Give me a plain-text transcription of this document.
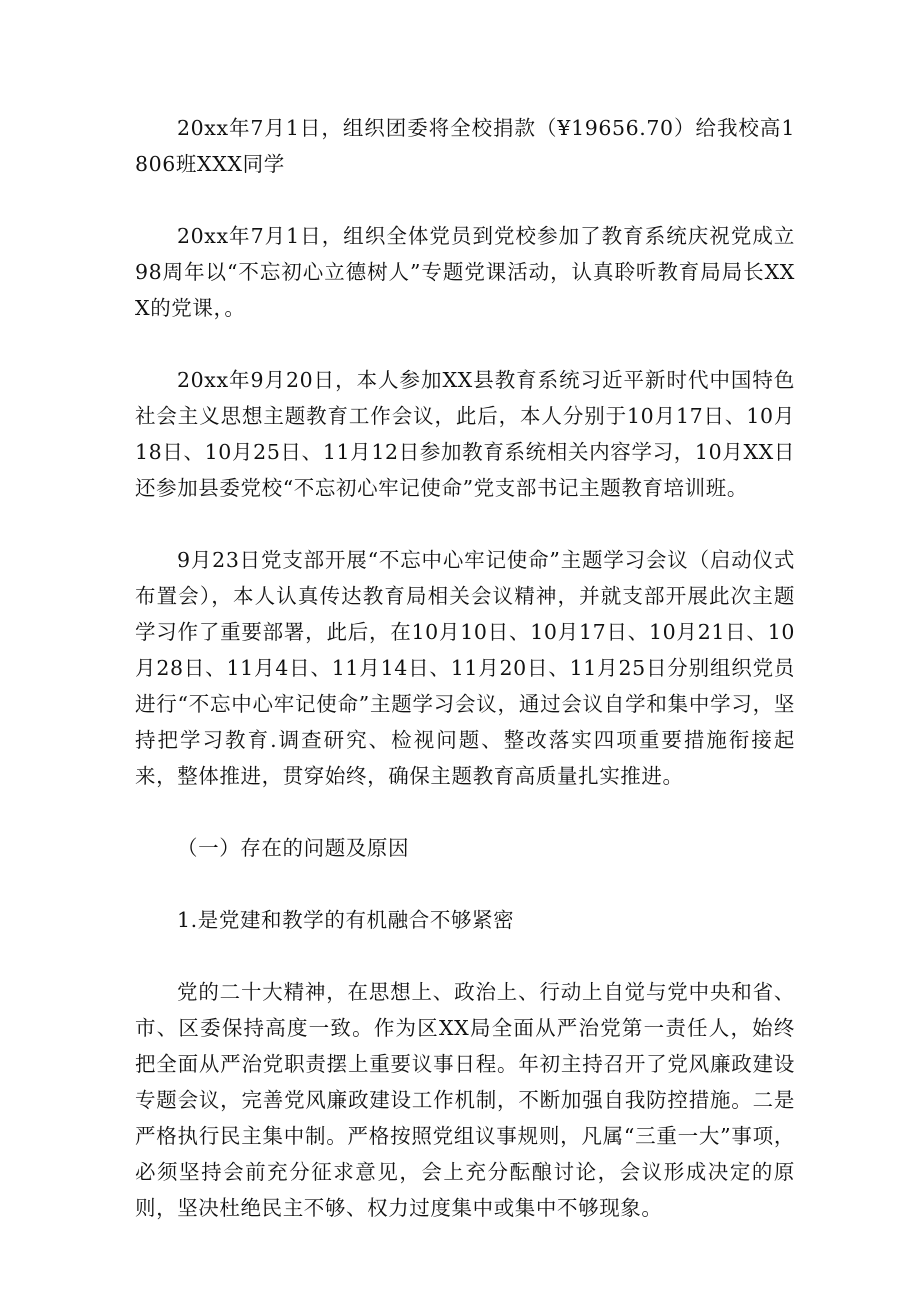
20xx年7月1日，组织团委将全校捐款（¥19656.70）给我校高1806班XXX同学

20xx年7月1日，组织全体党员到党校参加了教育系统庆祝党成立98周年以“不忘初心立德树人”专题党课活动，认真聆听教育局局长XXX的党课，。

20xx年9月20日，本人参加XX县教育系统习近平新时代中国特色社会主义思想主题教育工作会议，此后，本人分别于10月17日、10月18日、10月25日、11月12日参加教育系统相关内容学习，10月XX日还参加县委党校“不忘初心牢记使命”党支部书记主题教育培训班。

9月23日党支部开展“不忘中心牢记使命”主题学习会议（启动仪式布置会），本人认真传达教育局相关会议精神，并就支部开展此次主题学习作了重要部署，此后，在10月10日、10月17日、10月21日、10月28日、11月4日、11月14日、11月20日、11月25日分别组织党员进行“不忘中心牢记使命”主题学习会议，通过会议自学和集中学习，坚持把学习教育.调查研究、检视问题、整改落实四项重要措施衔接起来，整体推进，贯穿始终，确保主题教育高质量扎实推进。

（一）存在的问题及原因

1.是党建和教学的有机融合不够紧密

党的二十大精神，在思想上、政治上、行动上自觉与党中央和省、市、区委保持高度一致。作为区XX局全面从严治党第一责任人，始终把全面从严治党职责摆上重要议事日程。年初主持召开了党风廉政建设专题会议，完善党风廉政建设工作机制，不断加强自我防控措施。二是严格执行民主集中制。严格按照党组议事规则，凡属“三重一大”事项，必须坚持会前充分征求意见，会上充分酝酿讨论，会议形成决定的原则，坚决杜绝民主不够、权力过度集中或集中不够现象。
